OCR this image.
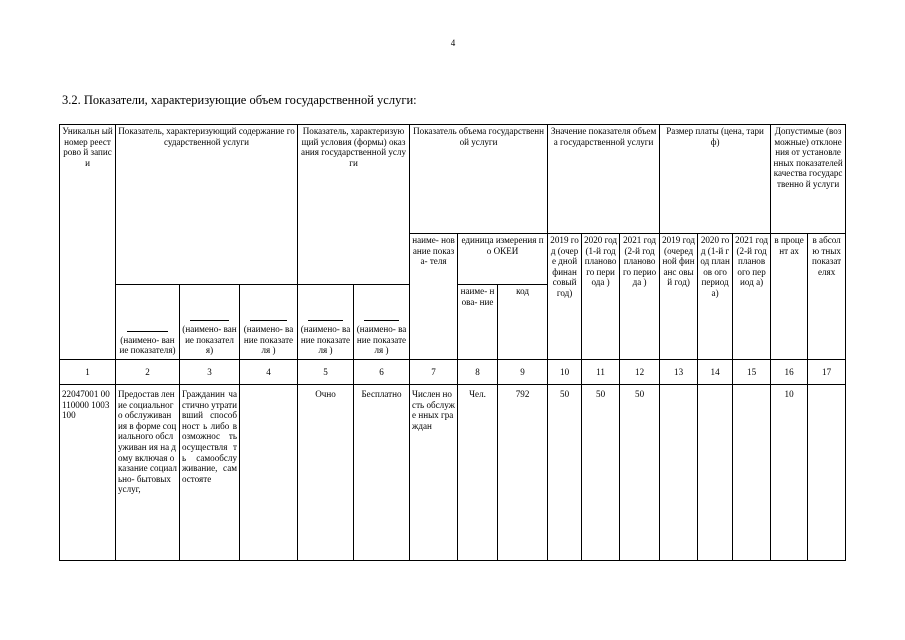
4
3.2. Показатели, характеризующие объем государственной услуги:
Уникальн ый номер реестрово й записи	Показатель, характеризующий содержание государственной услуги			Показатель, характеризующий условия (формы) оказания государственной услуги		Показатель объема государственной услуги			Значение показателя объема государственной услуги			Размер платы (цена, тариф)			Допустимые (возможные) отклонения от установленных показателей качества государственно й услуги	
						наиме- нование показа- теля	единица измерения по ОКЕИ		2019 год (очере дной финан совый год)	2020 год (1-й год планово го периода )	2021 год (2-й год планово го периода )	2019 год (очеред ной финанс овый год)	2020 год (1-й год планов ого период а)	2021 год (2-й год планов ого период а)	в процент ах	в абсолю тных показат елях

	(наимено- вание показателя)	(наимено- вание показателя)	(наимено- вание показателя )	(наимено- вание показателя )	(наимено- вание показателя )		наиме- нова- ние	код								
1	2	3	4	5	6	7	8	9	10	11	12	13	14	15	16	17
22047001 00110000 1003100	Предостав ление социального обслуживан ия в форме социального обслуживан ия на дому включая оказание социально- бытовых услуг,	Гражданин частично утративший способност ь либо возможнос ть осуществля ть самообслу живание, самостояте		Очно	Бесплатно	Числен ность обслуже нных граждан	Чел.	792	50	50	50				10	
